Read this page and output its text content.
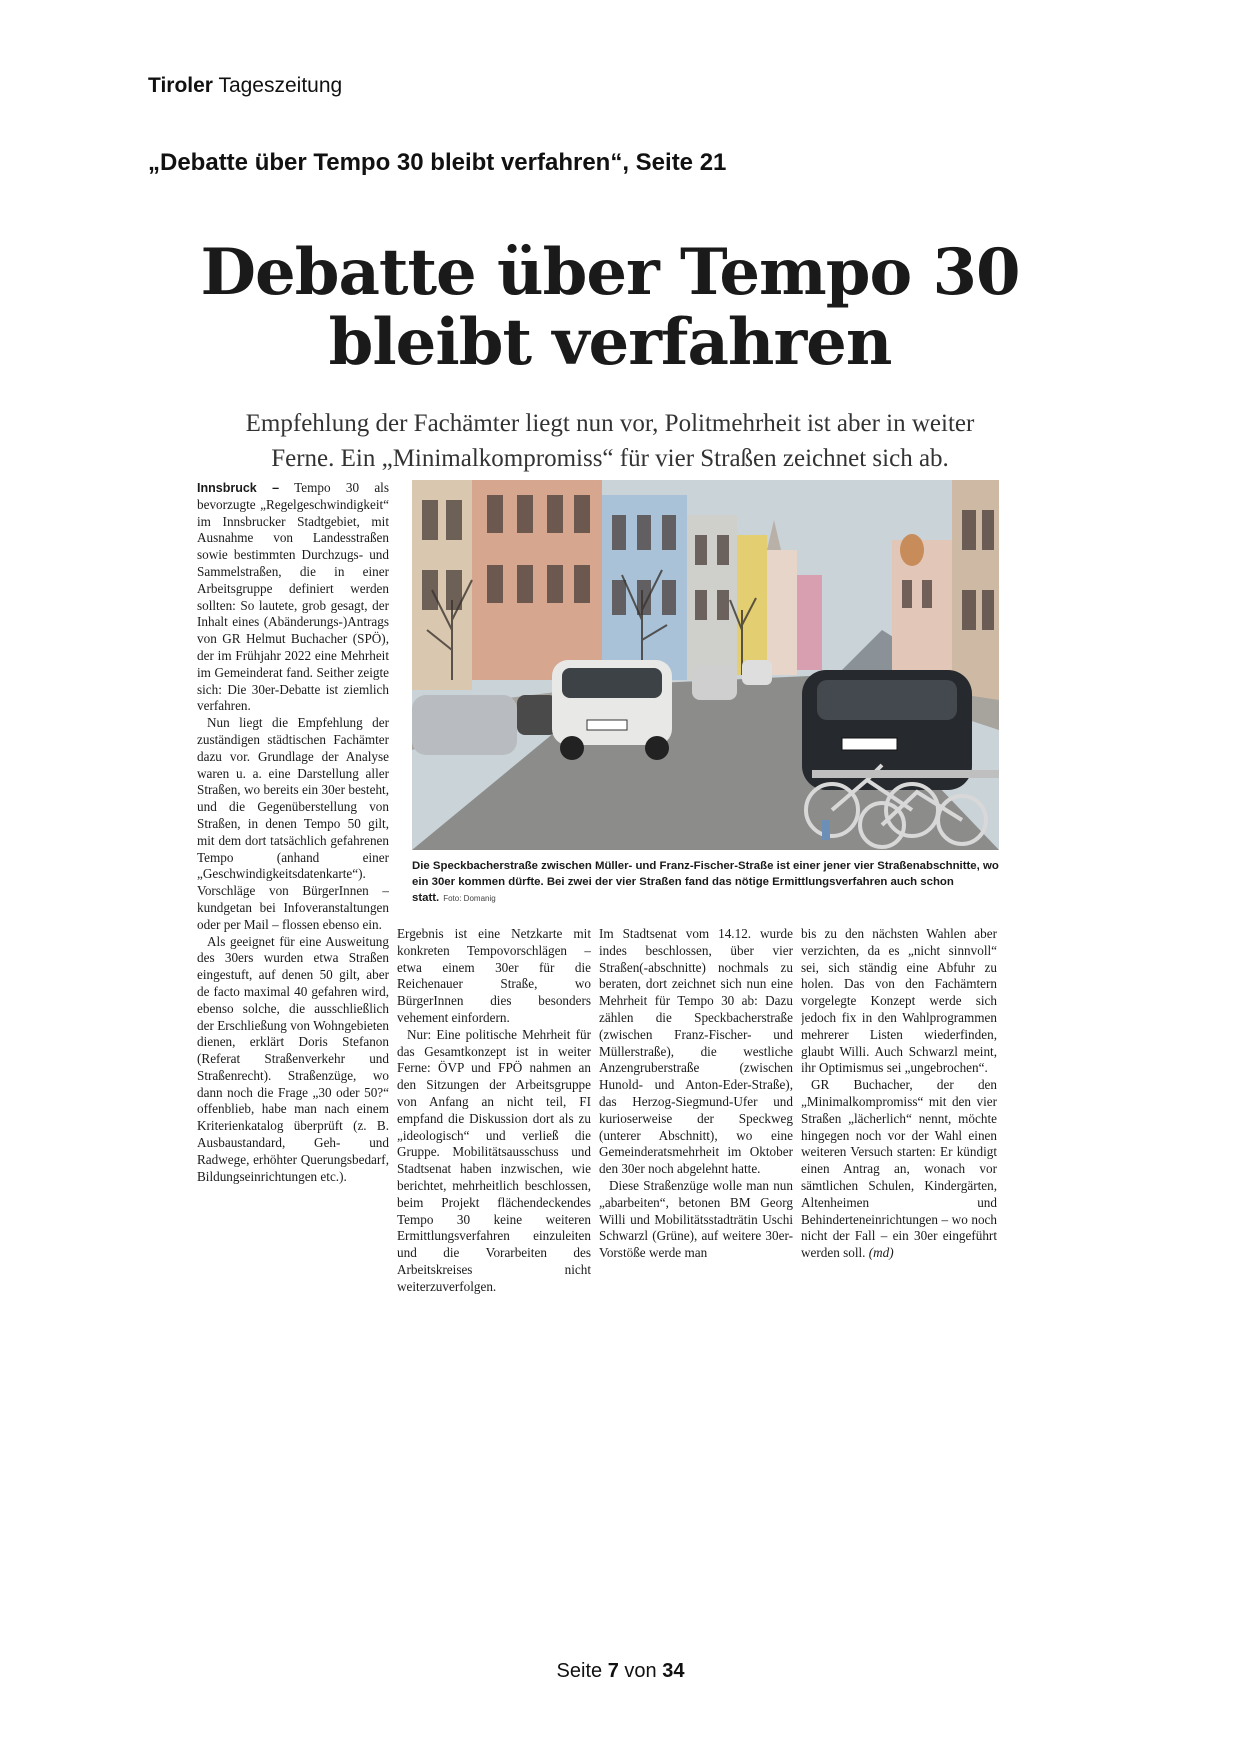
Tiroler Tageszeitung
„Debatte über Tempo 30 bleibt verfahren“, Seite 21
Debatte über Tempo 30
bleibt verfahren
Empfehlung der Fachämter liegt nun vor, Politmehrheit ist aber in weiter
Ferne. Ein „Minimalkompromiss“ für vier Straßen zeichnet sich ab.

Innsbruck – Tempo 30 als bevorzugte „Regelgeschwindigkeit“ im Innsbrucker Stadtgebiet, mit Ausnahme von Landesstraßen sowie bestimmten Durchzugs- und Sammelstraßen, die in einer Arbeitsgruppe definiert werden sollten: So lautete, grob gesagt, der Inhalt eines (Abänderungs-)Antrags von GR Helmut Buchacher (SPÖ), der im Frühjahr 2022 eine Mehrheit im Gemeinderat fand. Seither zeigte sich: Die 30er-Debatte ist ziemlich verfahren.

Nun liegt die Empfehlung der zuständigen städtischen Fachämter dazu vor. Grundlage der Analyse waren u. a. eine Darstellung aller Straßen, wo bereits ein 30er besteht, und die Gegenüberstellung von Straßen, in denen Tempo 50 gilt, mit dem dort tatsächlich gefahrenen Tempo (anhand einer „Geschwindigkeitsdatenkarte“). Vorschläge von BürgerInnen – kundgetan bei Infoveranstaltungen oder per Mail – flossen ebenso ein.

Als geeignet für eine Ausweitung des 30ers wurden etwa Straßen eingestuft, auf denen 50 gilt, aber de facto maximal 40 gefahren wird, ebenso solche, die ausschließlich der Erschließung von Wohngebieten dienen, erklärt Doris Stefanon (Referat Straßenverkehr und Straßenrecht). Straßenzüge, wo dann noch die Frage „30 oder 50?“ offenblieb, habe man nach einem Kriterienkatalog überprüft (z. B. Ausbaustandard, Geh- und Radwege, erhöhter Querungsbedarf, Bildungseinrichtungen etc.).

Die Speckbacherstraße zwischen Müller- und Franz-Fischer-Straße ist einer jener vier Straßenabschnitte, wo ein 30er kommen dürfte. Bei zwei der vier Straßen fand das nötige Ermittlungsverfahren auch schon statt. Foto: Domanig

Ergebnis ist eine Netzkarte mit konkreten Tempovorschlägen – etwa einem 30er für die Reichenauer Straße, wo BürgerInnen dies besonders vehement einfordern.

Nur: Eine politische Mehrheit für das Gesamtkonzept ist in weiter Ferne: ÖVP und FPÖ nahmen an den Sitzungen der Arbeitsgruppe von Anfang an nicht teil, FI empfand die Diskussion dort als zu „ideologisch“ und verließ die Gruppe. Mobilitätsausschuss und Stadtsenat haben inzwischen, wie berichtet, mehrheitlich beschlossen, beim Projekt flächendeckendes Tempo 30 keine weiteren Ermittlungsverfahren einzuleiten und die Vorarbeiten des Arbeitskreises nicht weiterzuverfolgen.

Im Stadtsenat vom 14.12. wurde indes beschlossen, über vier Straßen(-abschnitte) nochmals zu beraten, dort zeichnet sich nun eine Mehrheit für Tempo 30 ab: Dazu zählen die Speckbacherstraße (zwischen Franz-Fischer- und Müllerstraße), die westliche Anzengruberstraße (zwischen Hunold- und Anton-Eder-Straße), das Herzog-Siegmund-Ufer und kurioserweise der Speckweg (unterer Abschnitt), wo eine Gemeinderatsmehrheit im Oktober den 30er noch abgelehnt hatte.

Diese Straßenzüge wolle man nun „abarbeiten“, betonen BM Georg Willi und Mobilitätsstadträtin Uschi Schwarzl (Grüne), auf weitere 30er-Vorstöße werde man

bis zu den nächsten Wahlen aber verzichten, da es „nicht sinnvoll“ sei, sich ständig eine Abfuhr zu holen. Das von den Fachämtern vorgelegte Konzept werde sich jedoch fix in den Wahlprogrammen mehrerer Listen wiederfinden, glaubt Willi. Auch Schwarzl meint, ihr Optimismus sei „ungebrochen“.

GR Buchacher, der den „Minimalkompromiss“ mit den vier Straßen „lächerlich“ nennt, möchte hingegen noch vor der Wahl einen weiteren Versuch starten: Er kündigt einen Antrag an, wonach vor sämtlichen Schulen, Kindergärten, Altenheimen und Behinderteneinrichtungen – wo noch nicht der Fall – ein 30er eingeführt werden soll. (md)

Seite 7 von 34
